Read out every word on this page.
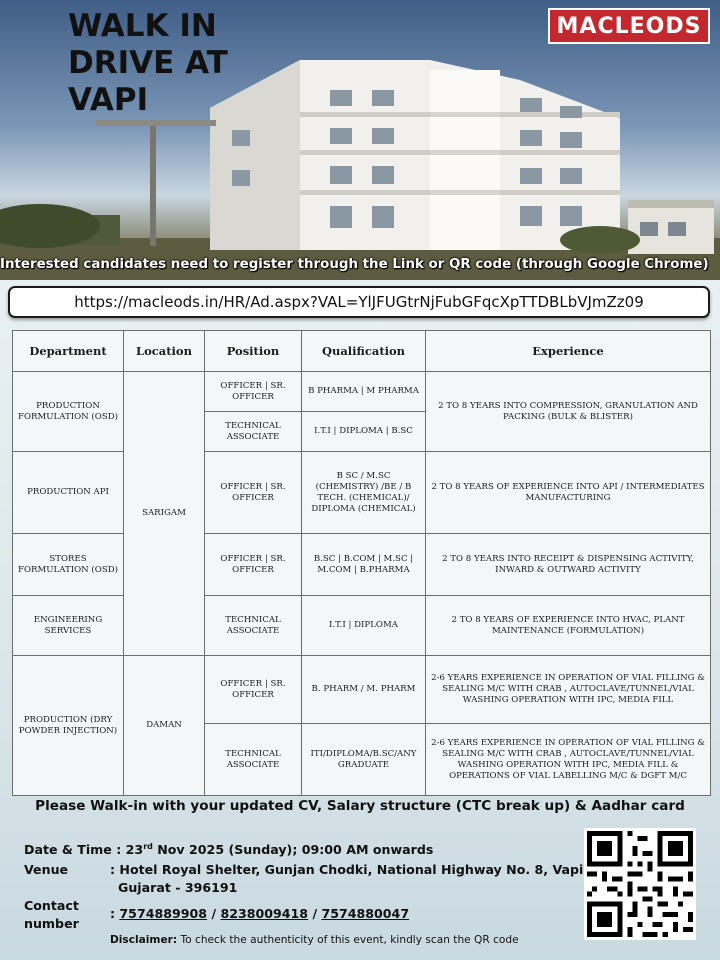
WALK IN
DRIVE AT
VAPI
MACLEODS

Interested candidates need to register through the Link or QR code (through Google Chrome)

https://macleods.in/HR/Ad.aspx?VAL=YlJFUGtrNjFubGFqcXpTTDBLbVJmZz09
Department	Location	Position	Qualification	Experience
PRODUCTION FORMULATION (OSD)	SARIGAM	OFFICER | SR. OFFICER	B PHARMA | M PHARMA	2 TO 8 YEARS INTO COMPRESSION, GRANULATION AND PACKING (BULK & BLISTER)
		TECHNICAL ASSOCIATE	I.T.I | DIPLOMA | B.SC	
PRODUCTION API		OFFICER | SR. OFFICER	B SC / M.SC (CHEMISTRY) /BE / B TECH. (CHEMICAL)/ DIPLOMA (CHEMICAL)	2 TO 8 YEARS OF EXPERIENCE INTO API / INTERMEDIATES MANUFACTURING
STORES FORMULATION (OSD)		OFFICER | SR. OFFICER	B.SC | B.COM | M.SC | M.COM | B.PHARMA	2 TO 8 YEARS INTO RECEIPT & DISPENSING ACTIVITY, INWARD & OUTWARD ACTIVITY
ENGINEERING SERVICES		TECHNICAL ASSOCIATE	I.T.I | DIPLOMA	2 TO 8 YEARS OF EXPERIENCE INTO HVAC, PLANT MAINTENANCE (FORMULATION)
PRODUCTION (DRY POWDER INJECTION)	DAMAN	OFFICER | SR. OFFICER	B. PHARM / M. PHARM	2-6 YEARS EXPERIENCE IN OPERATION OF VIAL FILLING & SEALING M/C WITH CRAB , AUTOCLAVE/TUNNEL/VIAL WASHING OPERATION WITH IPC, MEDIA FILL
		TECHNICAL ASSOCIATE	ITI/DIPLOMA/B.SC/ANY GRADUATE	2-6 YEARS EXPERIENCE IN OPERATION OF VIAL FILLING & SEALING M/C WITH CRAB , AUTOCLAVE/TUNNEL/VIAL WASHING OPERATION WITH IPC, MEDIA FILL & OPERATIONS OF VIAL LABELLING M/C & DGFT M/C

Please Walk-in with your updated CV, Salary structure (CTC break up) & Aadhar card

Date & Time : 23rd Nov 2025 (Sunday); 09:00 AM onwards
Venue	: Hotel Royal Shelter, Gunjan Chodki, National Highway No. 8, Vapi
Gujarat - 396191
Contact
number
: 7574889908 / 8238009418 / 7574880047

Disclaimer: To check the authenticity of this event, kindly scan the QR code
